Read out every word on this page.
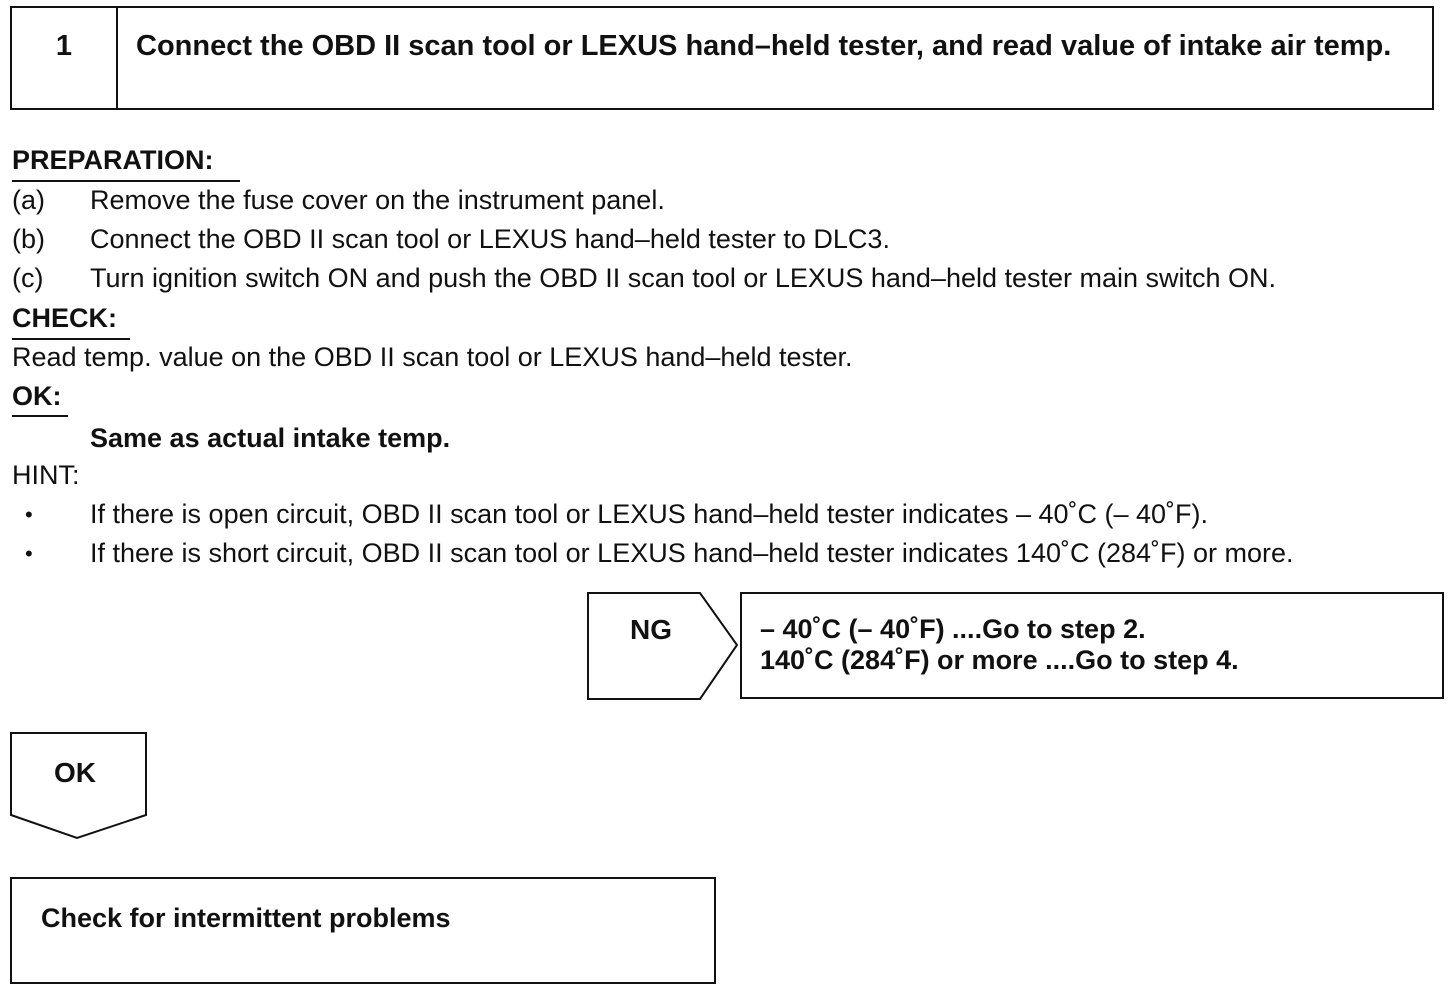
1	Connect the OBD II scan tool or LEXUS hand–held tester, and read value of intake air temp.
PREPARATION:
(a) Remove the fuse cover on the instrument panel.
(b) Connect the OBD II scan tool or LEXUS hand–held tester to DLC3.
(c) Turn ignition switch ON and push the OBD II scan tool or LEXUS hand–held tester main switch ON.
CHECK:
Read temp. value on the OBD II scan tool or LEXUS hand–held tester.
OK:
Same as actual intake temp.
HINT:
• If there is open circuit, OBD II scan tool or LEXUS hand–held tester indicates – 40˚C (– 40˚F).
• If there is short circuit, OBD II scan tool or LEXUS hand–held tester indicates 140˚C (284˚F) or more.
NG	– 40˚C (– 40˚F) ....Go to step 2.
140˚C (284˚F) or more ....Go to step 4.
OK
Check for intermittent problems
